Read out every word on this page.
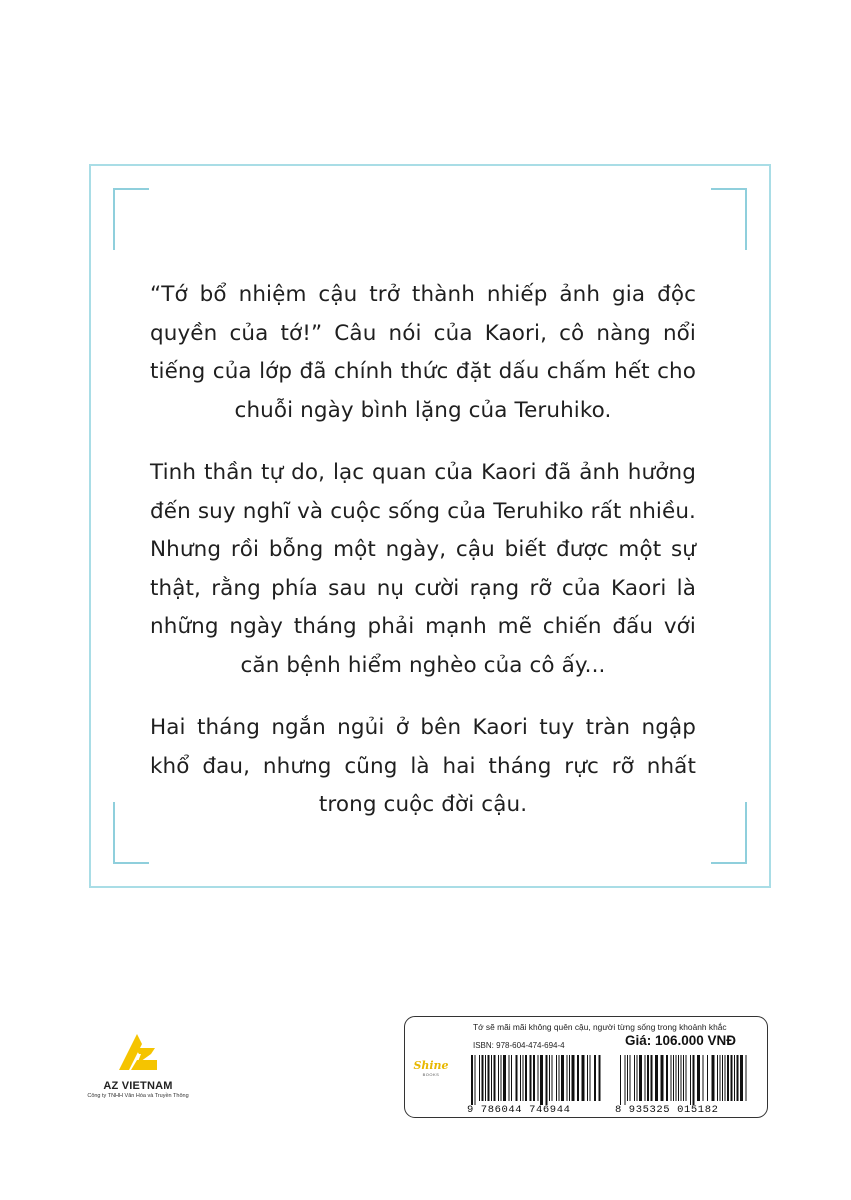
“Tớ bổ nhiệm cậu trở thành nhiếp ảnh gia độc quyền của tớ!” Câu nói của Kaori, cô nàng nổi tiếng của lớp đã chính thức đặt dấu chấm hết cho chuỗi ngày bình lặng của Teruhiko.

Tinh thần tự do, lạc quan của Kaori đã ảnh hưởng đến suy nghĩ và cuộc sống của Teruhiko rất nhiều. Nhưng rồi bỗng một ngày, cậu biết được một sự thật, rằng phía sau nụ cười rạng rỡ của Kaori là những ngày tháng phải mạnh mẽ chiến đấu với căn bệnh hiểm nghèo của cô ấy...

Hai tháng ngắn ngủi ở bên Kaori tuy tràn ngập khổ đau, nhưng cũng là hai tháng rực rỡ nhất trong cuộc đời cậu.

AZ VIETNAM
Công ty TNHH Văn Hóa và Truyền Thông
Tớ sẽ mãi mãi không quên cậu, người từng sống trong khoảnh khắc
ISBN: 978-604-474-694-4	Giá: 106.000 VNĐ
Shine
BOOKS
9 786044 746944	8 935325 015182
